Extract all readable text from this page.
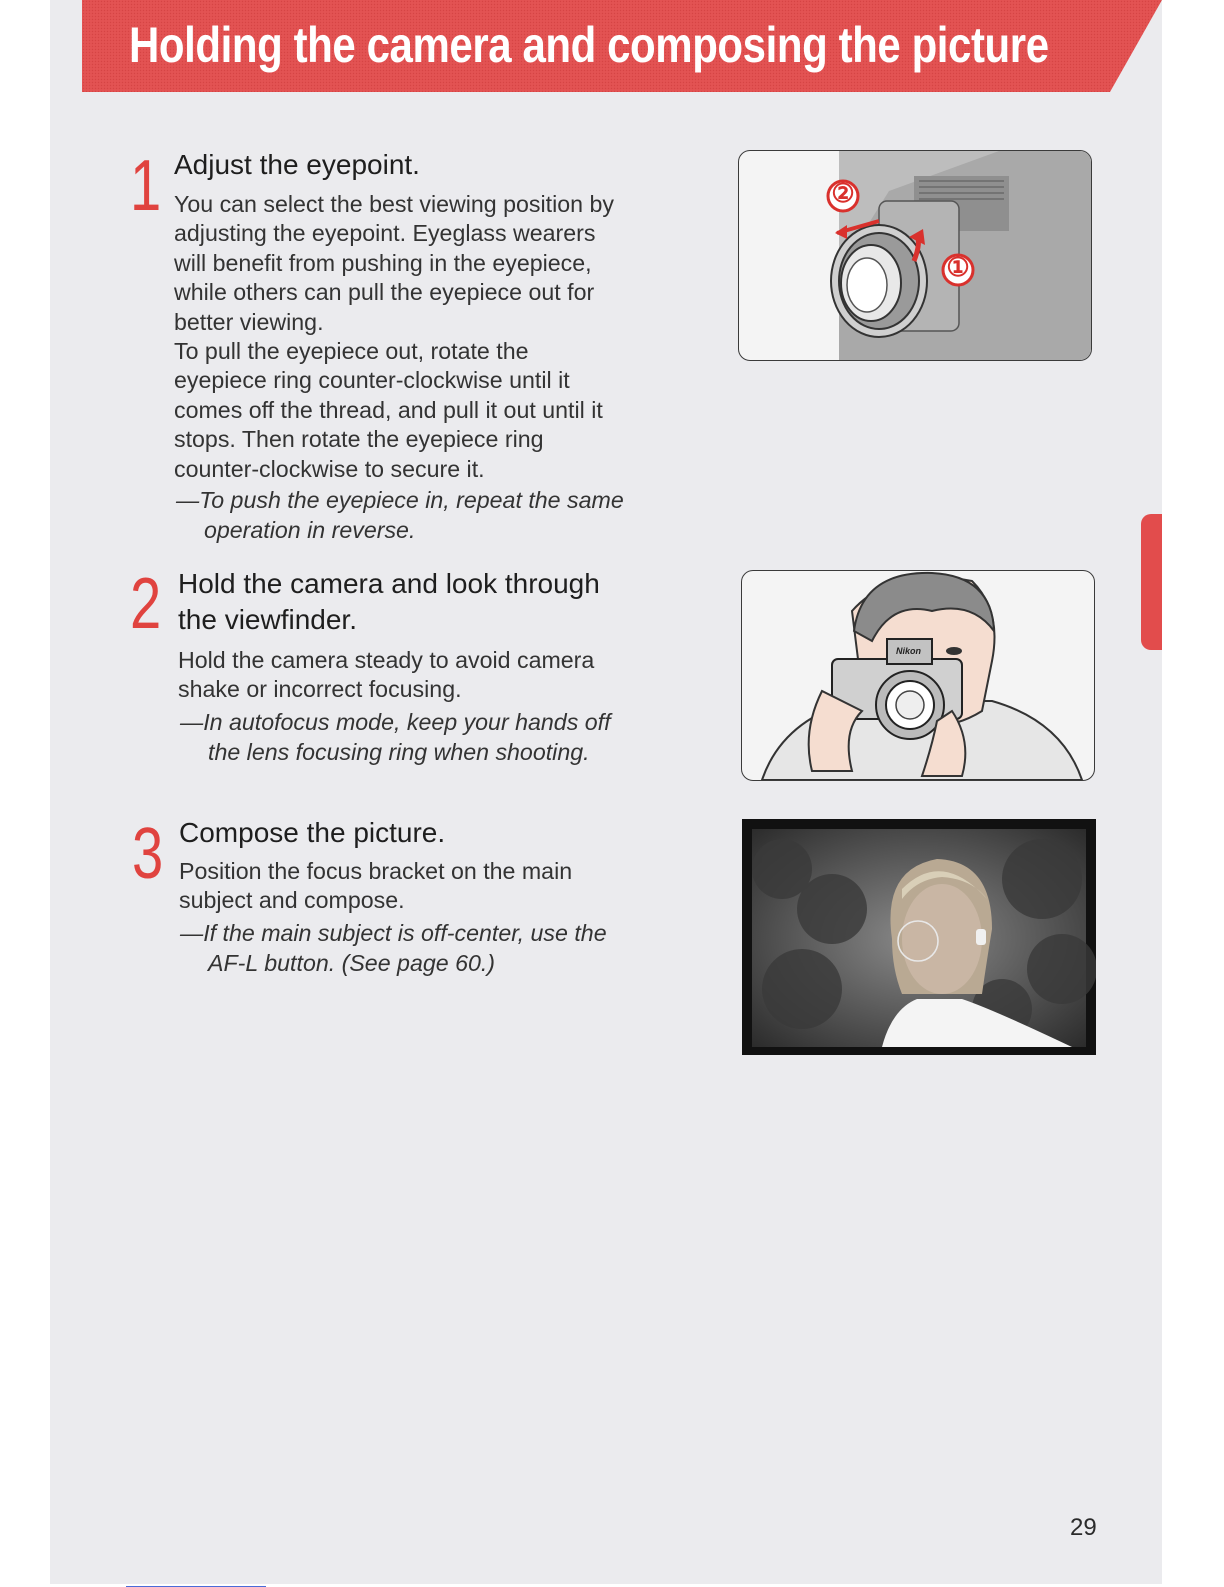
Holding the camera and composing the picture
1 Adjust the eyepoint.
You can select the best viewing position by
adjusting the eyepoint. Eyeglass wearers
will benefit from pushing in the eyepiece,
while others can pull the eyepiece out for
better viewing.
To pull the eyepiece out, rotate the
eyepiece ring counter-clockwise until it
comes off the thread, and pull it out until it
stops. Then rotate the eyepiece ring
counter-clockwise to secure it.
—To push the eyepiece in, repeat the same
operation in reverse.
②
①
2 Hold the camera and look through
the viewfinder.
Hold the camera steady to avoid camera
shake or incorrect focusing.
—In autofocus mode, keep your hands off
the lens focusing ring when shooting.
Nikon
3 Compose the picture.
Position the focus bracket on the main
subject and compose.
—If the main subject is off-center, use the
AF-L button. (See page 60.)
29
